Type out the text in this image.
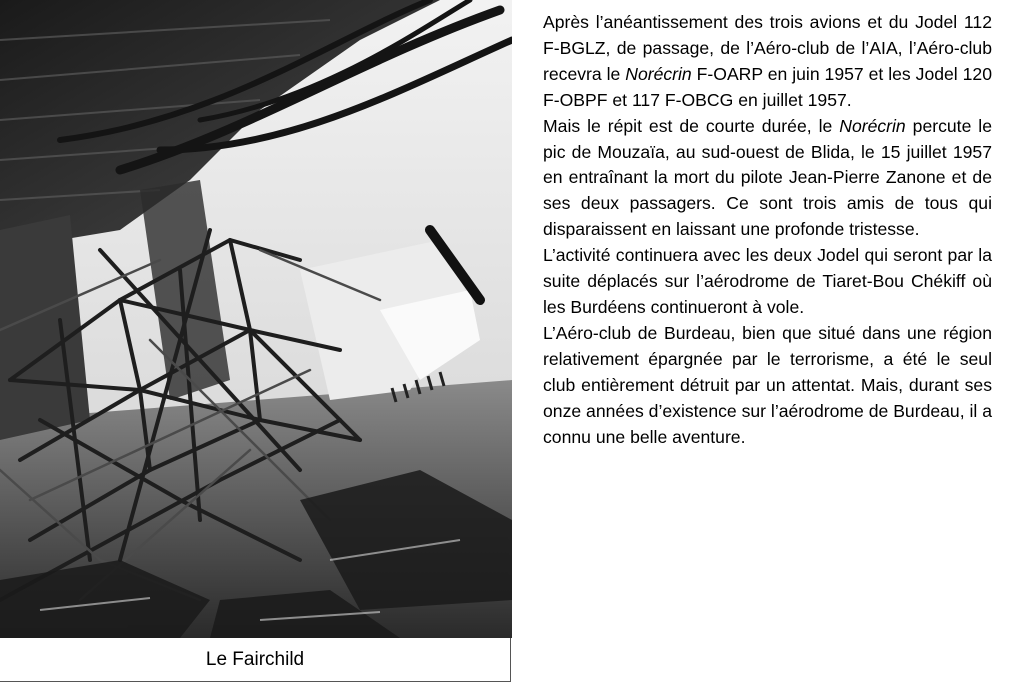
Le Fairchild

Après l’anéantissement des trois avions et du Jodel 112 F-BGLZ, de passage, de l’Aéro-club de l’AIA, l’Aéro-club recevra le Norécrin F-OARP en juin 1957 et les Jodel 120 F-OBPF et 117 F-OBCG en juillet 1957.

Mais le répit est de courte durée, le Norécrin percute le pic de Mouzaïa, au sud-ouest de Blida, le 15 juillet 1957 en entraînant la mort du pilote Jean-Pierre Zanone et de ses deux passagers. Ce sont trois amis de tous qui disparaissent en laissant une profonde tristesse.

L’activité continuera avec les deux Jodel qui seront par la suite déplacés sur l’aérodrome de Tiaret-Bou Chékiff où les Burdéens continueront à vole.

L’Aéro-club de Burdeau, bien que situé dans une région relativement épargnée par le terrorisme, a été le seul club entièrement détruit par un attentat. Mais, durant ses onze années d’existence sur l’aérodrome de Burdeau, il a connu une belle aventure.
